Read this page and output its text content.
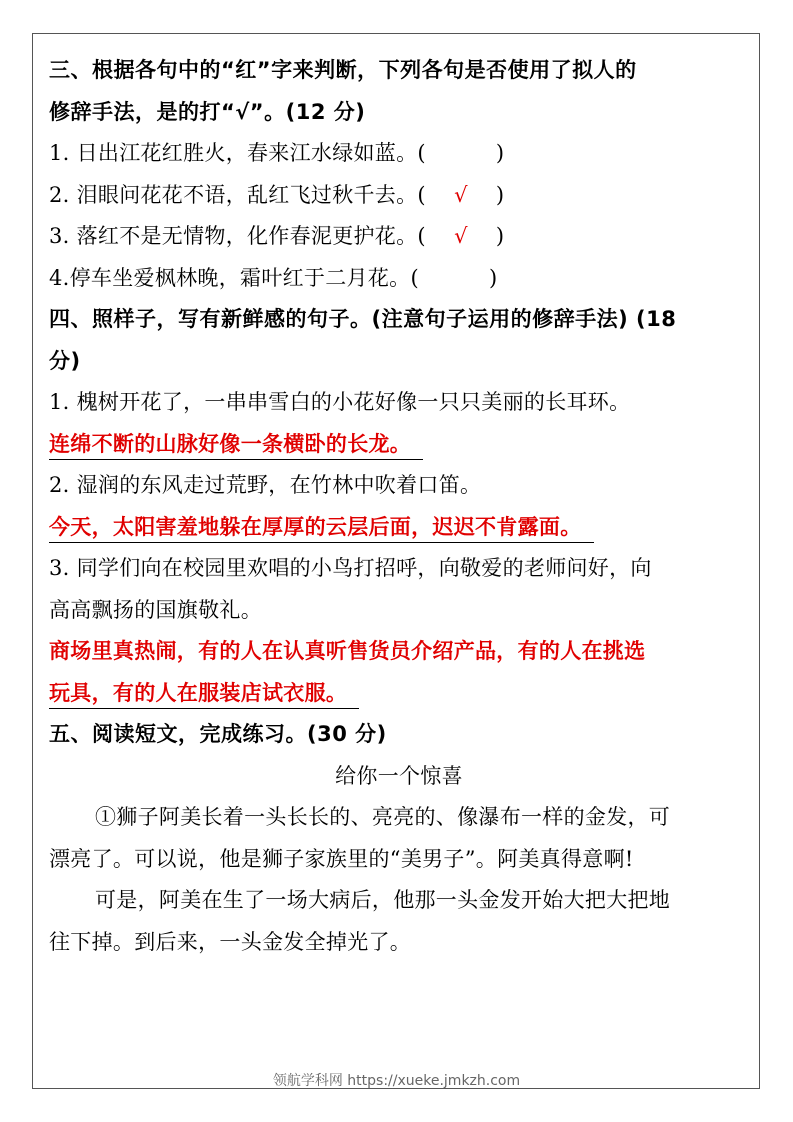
三、根据各句中的“红”字来判断，下列各句是否使用了拟人的
修辞手法，是的打“√”。(12 分)
1. 日出江花红胜火，春来江水绿如蓝。(	)
2. 泪眼问花花不语，乱红飞过秋千去。( √ )
3. 落红不是无情物，化作春泥更护花。( √ )
4.停车坐爱枫林晚，霜叶红于二月花。(	)
四、照样子，写有新鲜感的句子。(注意句子运用的修辞手法) (18
分)
1. 槐树开花了，一串串雪白的小花好像一只只美丽的长耳环。
连绵不断的山脉好像一条横卧的长龙。
2. 湿润的东风走过荒野，在竹林中吹着口笛。
今天，太阳害羞地躲在厚厚的云层后面，迟迟不肯露面。
3. 同学们向在校园里欢唱的小鸟打招呼，向敬爱的老师问好，向
高高飘扬的国旗敬礼。
商场里真热闹，有的人在认真听售货员介绍产品，有的人在挑选
玩具，有的人在服装店试衣服。
五、阅读短文，完成练习。(30 分)
给你一个惊喜
①狮子阿美长着一头长长的、亮亮的、像瀑布一样的金发，可
漂亮了。可以说，他是狮子家族里的“美男子”。阿美真得意啊!
可是，阿美在生了一场大病后，他那一头金发开始大把大把地
往下掉。到后来，一头金发全掉光了。
领航学科网 https://xueke.jmkzh.com
